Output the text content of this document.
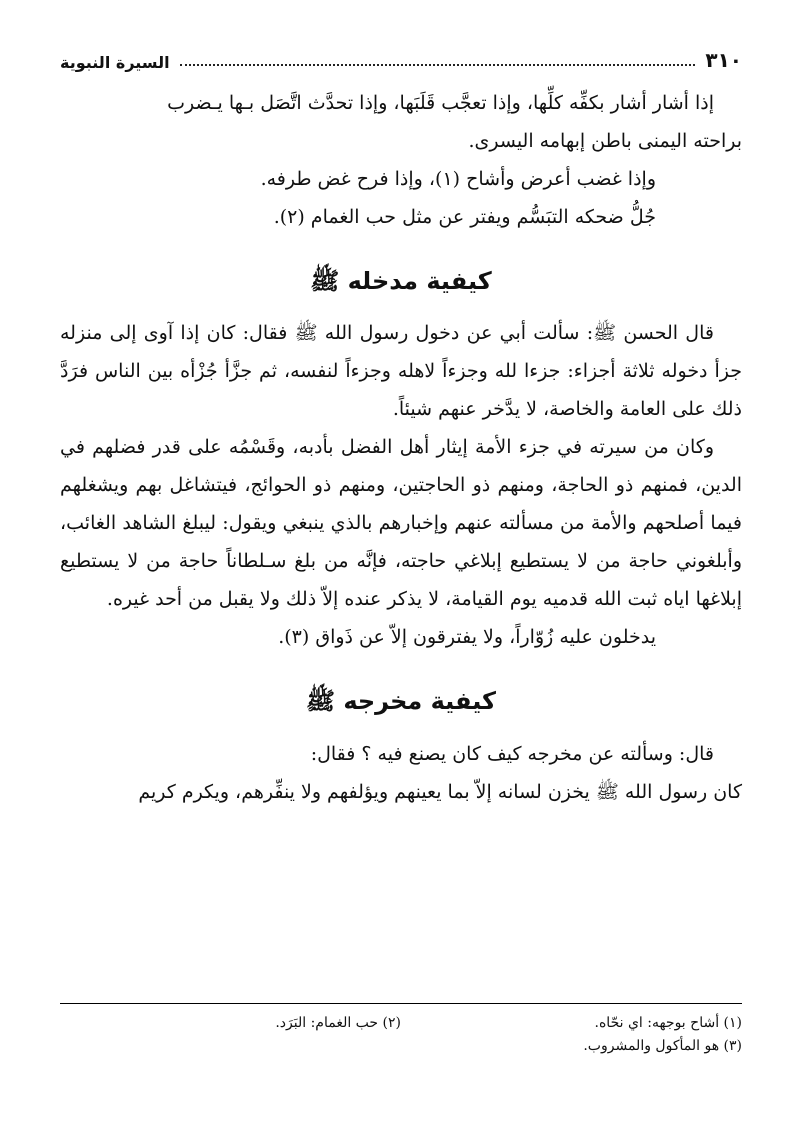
٣١٠
السيرة النبوية

إذا أشار أشار بكفِّه كلِّها، وإذا تعجَّب قَلَبَها، وإذا تحدَّث اتَّصَل بـها يـضرب

براحته اليمنى باطن إبهامه اليسرى.

وإذا غضب أعرض وأشاح (١)، وإذا فرح غض طرفه.

جُلُّ ضحكه التبَسُّم ويفتر عن مثل حب الغمام (٢).

كيفية مدخله ﷺ

قال الحسن ﷺ: سألت أبي عن دخول رسول الله ﷺ فقال: كان إذا آوى إلى منزله جزأ دخوله ثلاثة أجزاء: جزءا لله وجزءاً لاهله وجزءاً لنفسه، ثم جزَّأ جُزْأه بين الناس فرَدَّ ذلك على العامة والخاصة، لا يدَّخر عنهم شيئاً.

وكان من سيرته في جزء الأمة إيثار أهل الفضل بأدبه، وقَسْمُه على قدر فضلهم في الدين، فمنهم ذو الحاجة، ومنهم ذو الحاجتين، ومنهم ذو الحوائج، فيتشاغل بهم ويشغلهم فيما أصلحهم والأمة من مسألته عنهم وإخبارهم بالذي ينبغي ويقول: ليبلغ الشاهد الغائب، وأبلغوني حاجة من لا يستطيع إبلاغي حاجته، فإنَّه من بلغ سـلطاناً حاجة من لا يستطيع إبلاغها اياه ثبت الله قدميه يوم القيامة، لا يذكر عنده إلاّ ذلك ولا يقبل من أحد غيره.

يدخلون عليه زُوّاراً، ولا يفترقون إلاّ عن ذَواق (٣).

كيفية مخرجه ﷺ

قال: وسألته عن مخرجه كيف كان يصنع فيه ؟ فقال:

كان رسول الله ﷺ يخزن لسانه إلاّ بما يعينهم ويؤلفهم ولا ينفِّرهم، ويكرم كريم

(١) أشاح بوجهه: اي نحّاه.
(٢) حب الغمام: البَرَد.
(٣) هو المأكول والمشروب.
